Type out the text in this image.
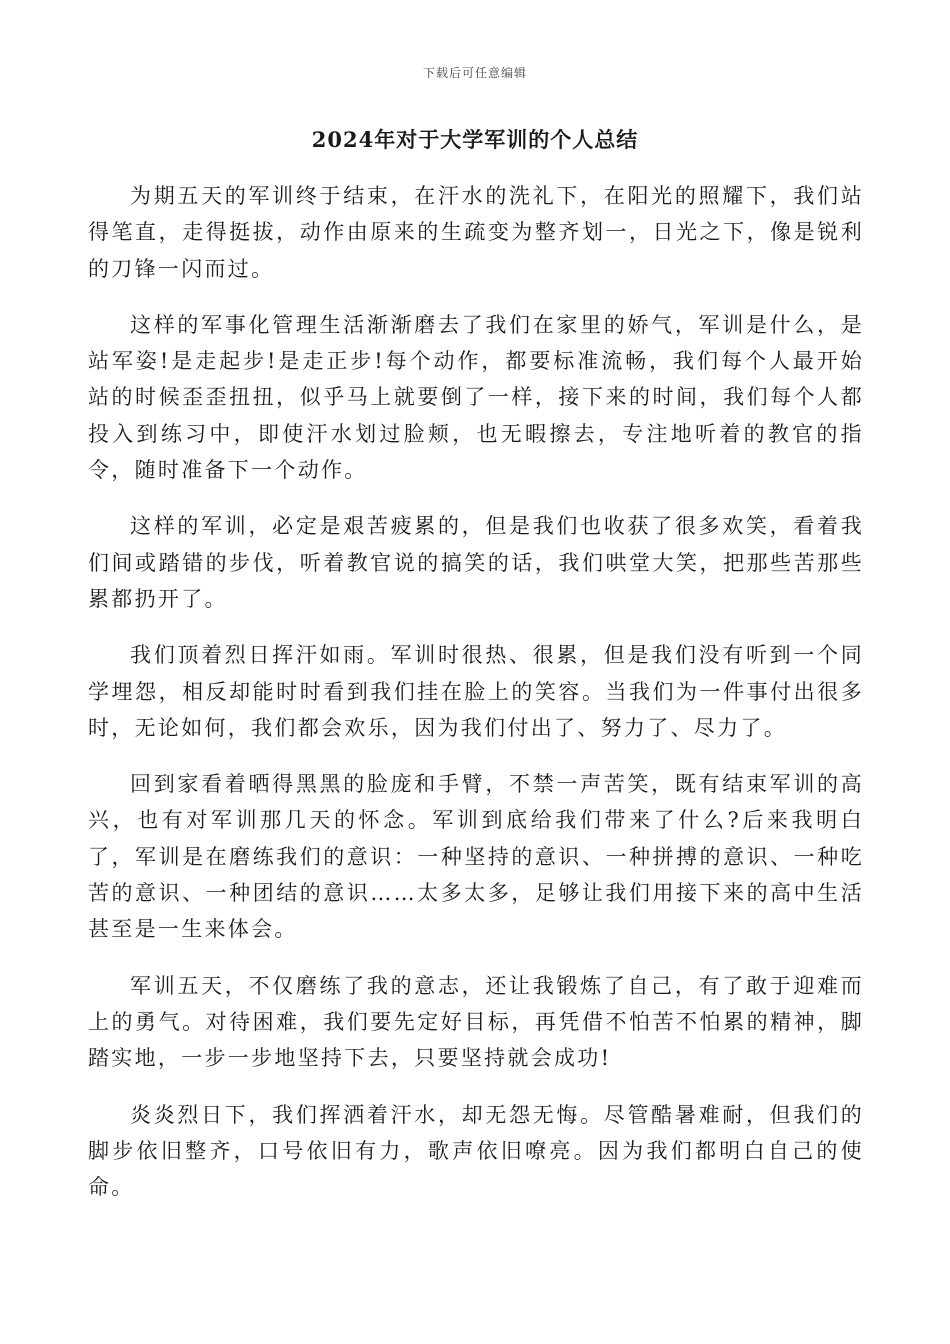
下载后可任意编辑
2024年对于大学军训的个人总结

为期五天的军训终于结束，在汗水的洗礼下，在阳光的照耀下，我们站得笔直，走得挺拔，动作由原来的生疏变为整齐划一，日光之下，像是锐利的刀锋一闪而过。

这样的军事化管理生活渐渐磨去了我们在家里的娇气，军训是什么，是站军姿!是走起步!是走正步!每个动作，都要标准流畅，我们每个人最开始站的时候歪歪扭扭，似乎马上就要倒了一样，接下来的时间，我们每个人都投入到练习中，即使汗水划过脸颊，也无暇擦去，专注地听着的教官的指令，随时准备下一个动作。

这样的军训，必定是艰苦疲累的，但是我们也收获了很多欢笑，看着我们间或踏错的步伐，听着教官说的搞笑的话，我们哄堂大笑，把那些苦那些累都扔开了。

我们顶着烈日挥汗如雨。军训时很热、很累，但是我们没有听到一个同学埋怨，相反却能时时看到我们挂在脸上的笑容。当我们为一件事付出很多时，无论如何，我们都会欢乐，因为我们付出了、努力了、尽力了。

回到家看着晒得黑黑的脸庞和手臂，不禁一声苦笑，既有结束军训的高兴，也有对军训那几天的怀念。军训到底给我们带来了什么?后来我明白了，军训是在磨练我们的意识：一种坚持的意识、一种拼搏的意识、一种吃苦的意识、一种团结的意识……太多太多，足够让我们用接下来的高中生活甚至是一生来体会。

军训五天，不仅磨练了我的意志，还让我锻炼了自己，有了敢于迎难而上的勇气。对待困难，我们要先定好目标，再凭借不怕苦不怕累的精神，脚踏实地，一步一步地坚持下去，只要坚持就会成功!

炎炎烈日下，我们挥洒着汗水，却无怨无悔。尽管酷暑难耐，但我们的脚步依旧整齐，口号依旧有力，歌声依旧嘹亮。因为我们都明白自己的使命。
